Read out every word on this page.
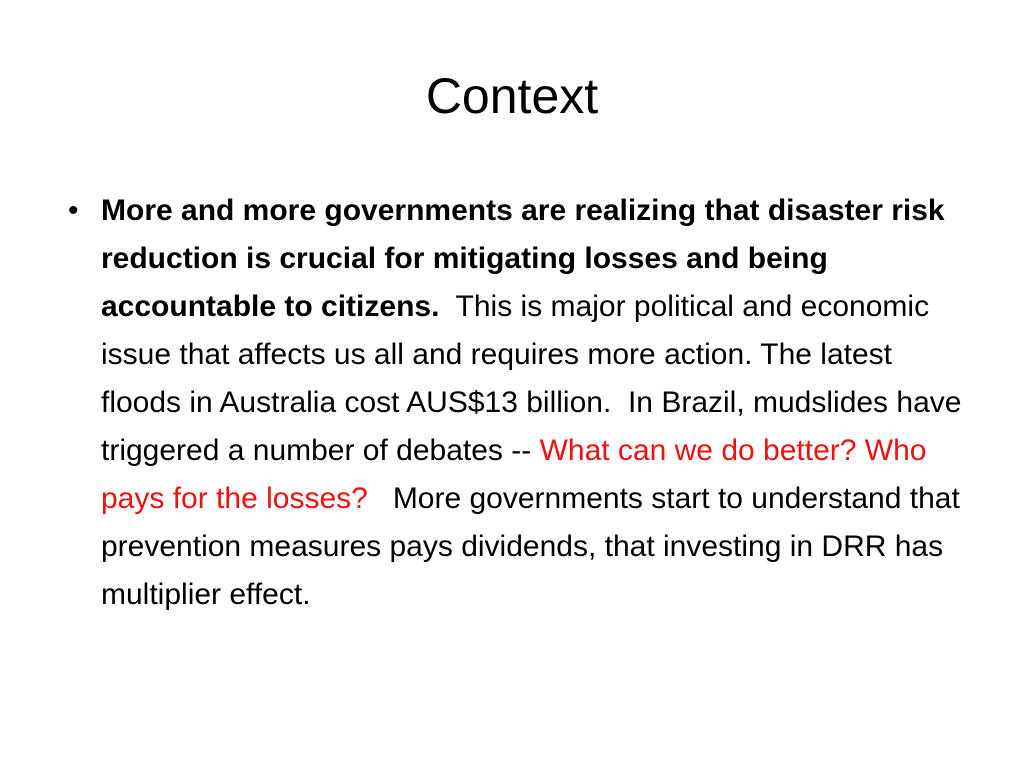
Context
• More and more governments are realizing that disaster risk reduction is crucial for mitigating losses and being accountable to citizens.  This is major political and economic issue that affects us all and requires more action. The latest floods in Australia cost AUS$13 billion.  In Brazil, mudslides have triggered a number of debates -- What can we do better? Who pays for the losses?   More governments start to understand that prevention measures pays dividends, that investing in DRR has multiplier effect.
